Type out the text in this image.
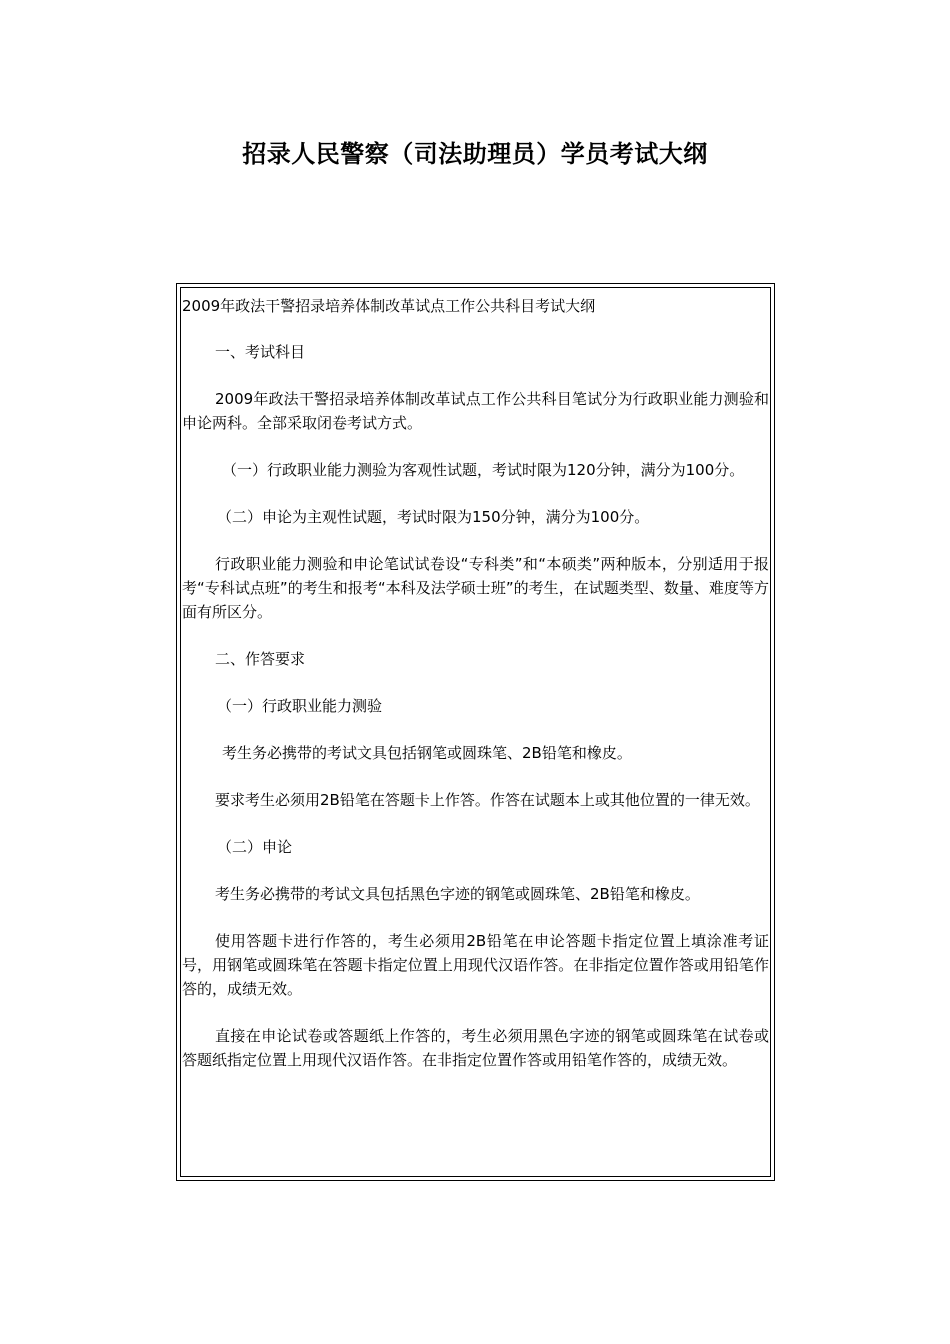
招录人民警察（司法助理员）学员考试大纲

2009年政法干警招录培养体制改革试点工作公共科目考试大纲

一、考试科目

2009年政法干警招录培养体制改革试点工作公共科目笔试分为行政职业能力测验和申论两科。全部采取闭卷考试方式。

（一）行政职业能力测验为客观性试题，考试时限为120分钟，满分为100分。

（二）申论为主观性试题，考试时限为150分钟，满分为100分。

行政职业能力测验和申论笔试试卷设“专科类”和“本硕类”两种版本，分别适用于报考“专科试点班”的考生和报考“本科及法学硕士班”的考生，在试题类型、数量、难度等方面有所区分。

二、作答要求

（一）行政职业能力测验

考生务必携带的考试文具包括钢笔或圆珠笔、2B铅笔和橡皮。

要求考生必须用2B铅笔在答题卡上作答。作答在试题本上或其他位置的一律无效。

（二）申论

考生务必携带的考试文具包括黑色字迹的钢笔或圆珠笔、2B铅笔和橡皮。

使用答题卡进行作答的，考生必须用2B铅笔在申论答题卡指定位置上填涂准考证号，用钢笔或圆珠笔在答题卡指定位置上用现代汉语作答。在非指定位置作答或用铅笔作答的，成绩无效。

直接在申论试卷或答题纸上作答的，考生必须用黑色字迹的钢笔或圆珠笔在试卷或答题纸指定位置上用现代汉语作答。在非指定位置作答或用铅笔作答的，成绩无效。
